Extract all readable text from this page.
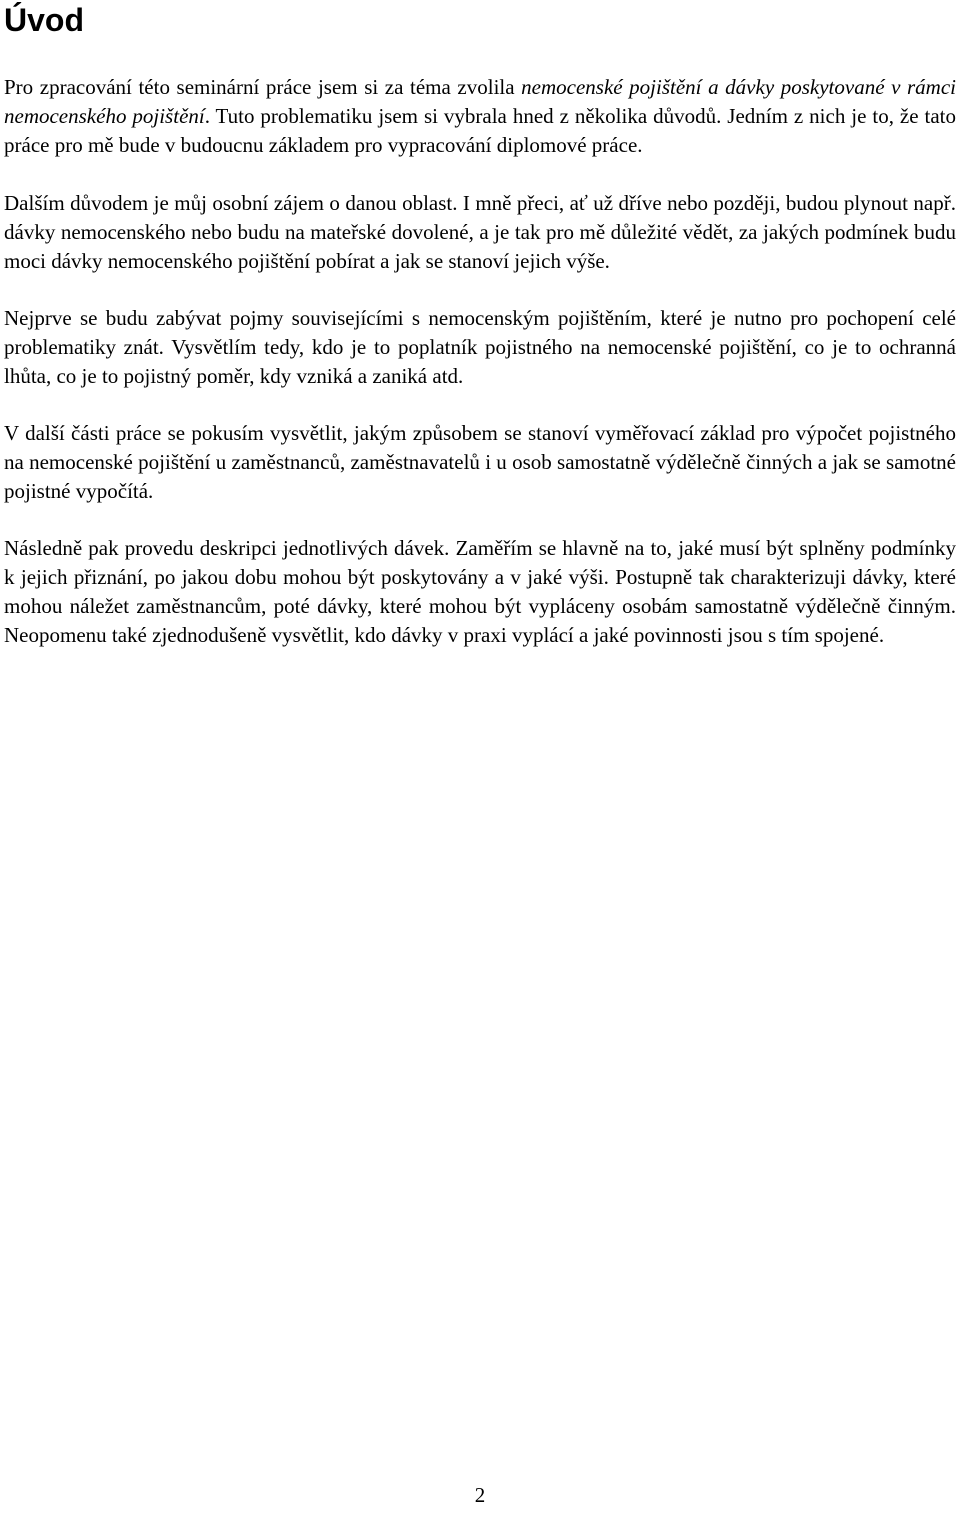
Úvod

Pro zpracování této seminární práce jsem si za téma zvolila nemocenské pojištění a dávky poskytované v rámci nemocenského pojištění. Tuto problematiku jsem si vybrala hned z několika důvodů. Jedním z nich je to, že tato práce pro mě bude v budoucnu základem pro vypracování diplomové práce.

Dalším důvodem je můj osobní zájem o danou oblast. I mně přeci, ať už dříve nebo později, budou plynout např. dávky nemocenského nebo budu na mateřské dovolené, a je tak pro mě důležité vědět, za jakých podmínek budu moci dávky nemocenského pojištění pobírat a jak se stanoví jejich výše.

Nejprve se budu zabývat pojmy souvisejícími s nemocenským pojištěním, které je nutno pro pochopení celé problematiky znát. Vysvětlím tedy, kdo je to poplatník pojistného na nemocenské pojištění, co je to ochranná lhůta, co je to pojistný poměr, kdy vzniká a zaniká atd.

V další části práce se pokusím vysvětlit, jakým způsobem se stanoví vyměřovací základ pro výpočet pojistného na nemocenské pojištění u zaměstnanců, zaměstnavatelů i u osob samostatně výdělečně činných a jak se samotné pojistné vypočítá.

Následně pak provedu deskripci jednotlivých dávek. Zaměřím se hlavně na to, jaké musí být splněny podmínky k jejich přiznání, po jakou dobu mohou být poskytovány a v jaké výši. Postupně tak charakterizuji dávky, které mohou náležet zaměstnancům, poté dávky, které mohou být vypláceny osobám samostatně výdělečně činným. Neopomenu také zjednodušeně vysvětlit, kdo dávky v praxi vyplácí a jaké povinnosti jsou s tím spojené.

2
